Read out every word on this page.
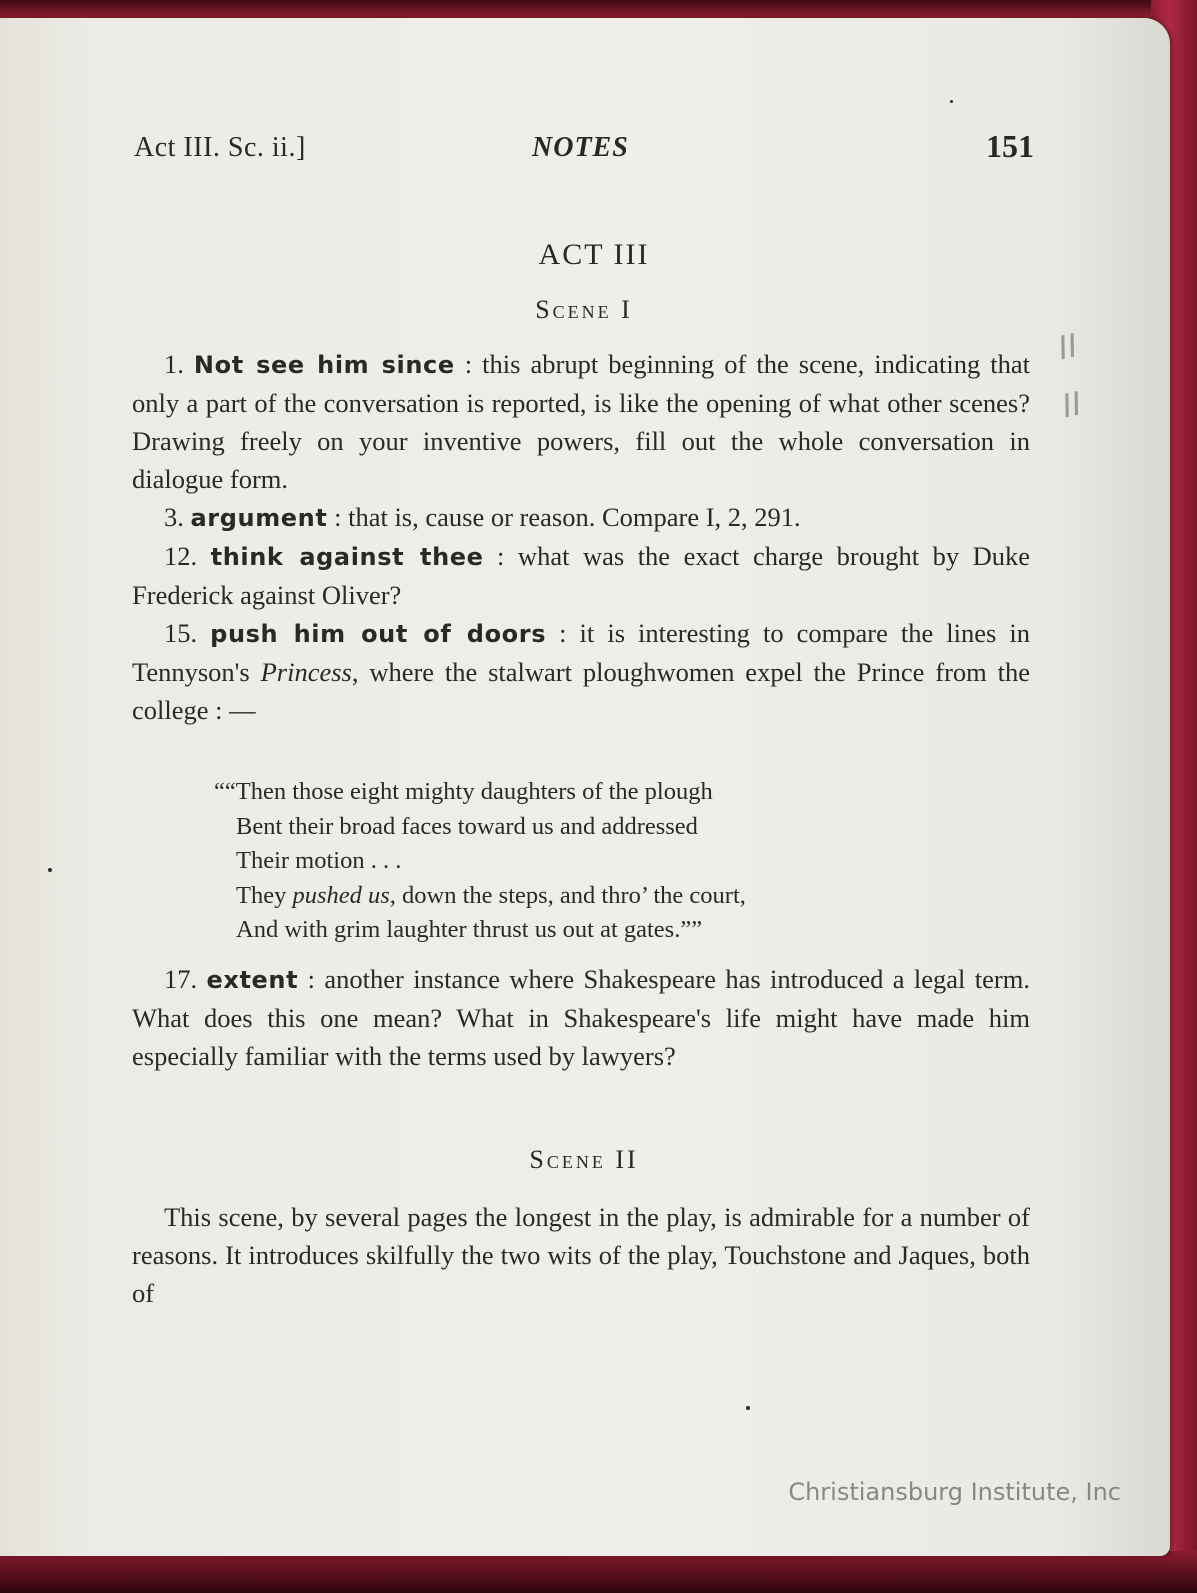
Act III. Sc. ii.]	NOTES	151
ACT III
Scene I

1. Not see him since : this abrupt beginning of the scene, indicating that only a part of the conversation is reported, is like the opening of what other scenes? Drawing freely on your inventive powers, fill out the whole conversation in dialogue form.

3. argument : that is, cause or reason. Compare I, 2, 291.

12. think against thee : what was the exact charge brought by Duke Frederick against Oliver?

15. push him out of doors : it is interesting to compare the lines in Tennyson's Princess, where the stalwart ploughwomen expel the Prince from the college : —

““Then those eight mighty daughters of the plough
Bent their broad faces toward us and addressed
Their motion . . .
They pushed us, down the steps, and thro’ the court,
And with grim laughter thrust us out at gates.””

17. extent : another instance where Shakespeare has introduced a legal term. What does this one mean? What in Shakespeare's life might have made him especially familiar with the terms used by lawyers?

Scene II

This scene, by several pages the longest in the play, is admirable for a number of reasons. It introduces skilfully the two wits of the play, Touchstone and Jaques, both of

II
II
Christiansburg Institute, Inc
